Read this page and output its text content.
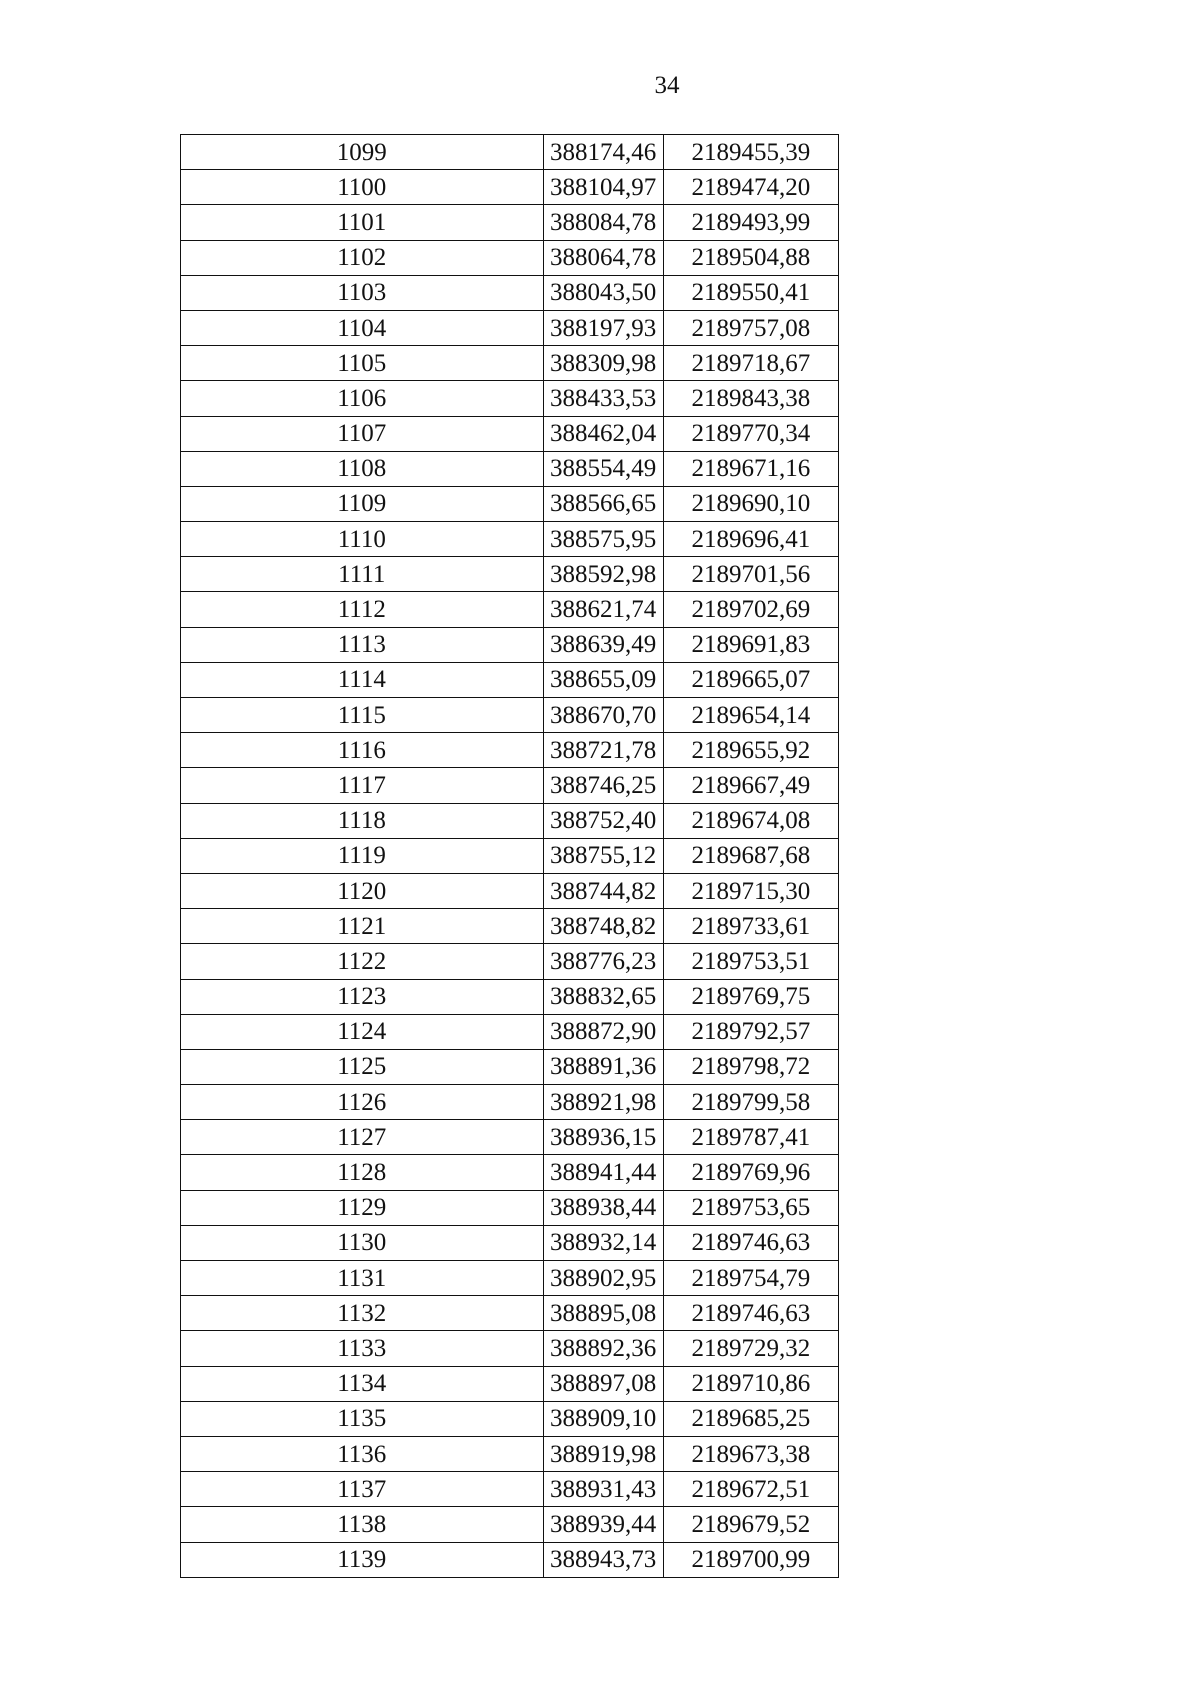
34
1099	388174,46	2189455,39
1100	388104,97	2189474,20
1101	388084,78	2189493,99
1102	388064,78	2189504,88
1103	388043,50	2189550,41
1104	388197,93	2189757,08
1105	388309,98	2189718,67
1106	388433,53	2189843,38
1107	388462,04	2189770,34
1108	388554,49	2189671,16
1109	388566,65	2189690,10
1110	388575,95	2189696,41
1111	388592,98	2189701,56
1112	388621,74	2189702,69
1113	388639,49	2189691,83
1114	388655,09	2189665,07
1115	388670,70	2189654,14
1116	388721,78	2189655,92
1117	388746,25	2189667,49
1118	388752,40	2189674,08
1119	388755,12	2189687,68
1120	388744,82	2189715,30
1121	388748,82	2189733,61
1122	388776,23	2189753,51
1123	388832,65	2189769,75
1124	388872,90	2189792,57
1125	388891,36	2189798,72
1126	388921,98	2189799,58
1127	388936,15	2189787,41
1128	388941,44	2189769,96
1129	388938,44	2189753,65
1130	388932,14	2189746,63
1131	388902,95	2189754,79
1132	388895,08	2189746,63
1133	388892,36	2189729,32
1134	388897,08	2189710,86
1135	388909,10	2189685,25
1136	388919,98	2189673,38
1137	388931,43	2189672,51
1138	388939,44	2189679,52
1139	388943,73	2189700,99
